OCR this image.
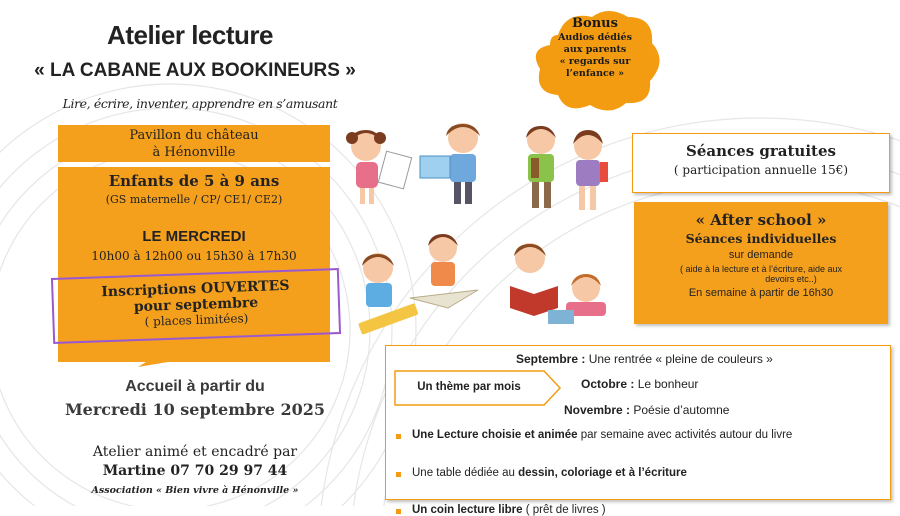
Atelier lecture
« LA CABANE AUX BOOKINEURS »
Lire, écrire, inventer, apprendre en s’amusant
Bonus
Audios dédiés
aux parents
« regards sur
l’enfance »
Pavillon du château
à Hénonville
Enfants de 5 à 9 ans
(GS maternelle / CP/ CE1/ CE2)
LE MERCREDI
10h00 à 12h00 ou 15h30 à 17h30
Inscriptions OUVERTES
pour septembre
( places limitées)
Accueil à partir du
Mercredi 10 septembre 2025
Atelier animé et encadré par
Martine 07 70 29 97 44
Association « Bien vivre à Hénonville »
Séances gratuites
( participation annuelle 15€)
« After school »
Séances individuelles
sur demande
( aide à la lecture et à l’écriture, aide aux
devoirs etc..)
En semaine à partir de 16h30
Un thème par mois
Septembre : Une rentrée « pleine de couleurs »
Octobre : Le bonheur
Novembre : Poésie d’automne
Une Lecture choisie et animée par semaine avec activités autour du livre
Une table dédiée au dessin, coloriage et à l’écriture
Un coin lecture libre ( prêt de livres )
